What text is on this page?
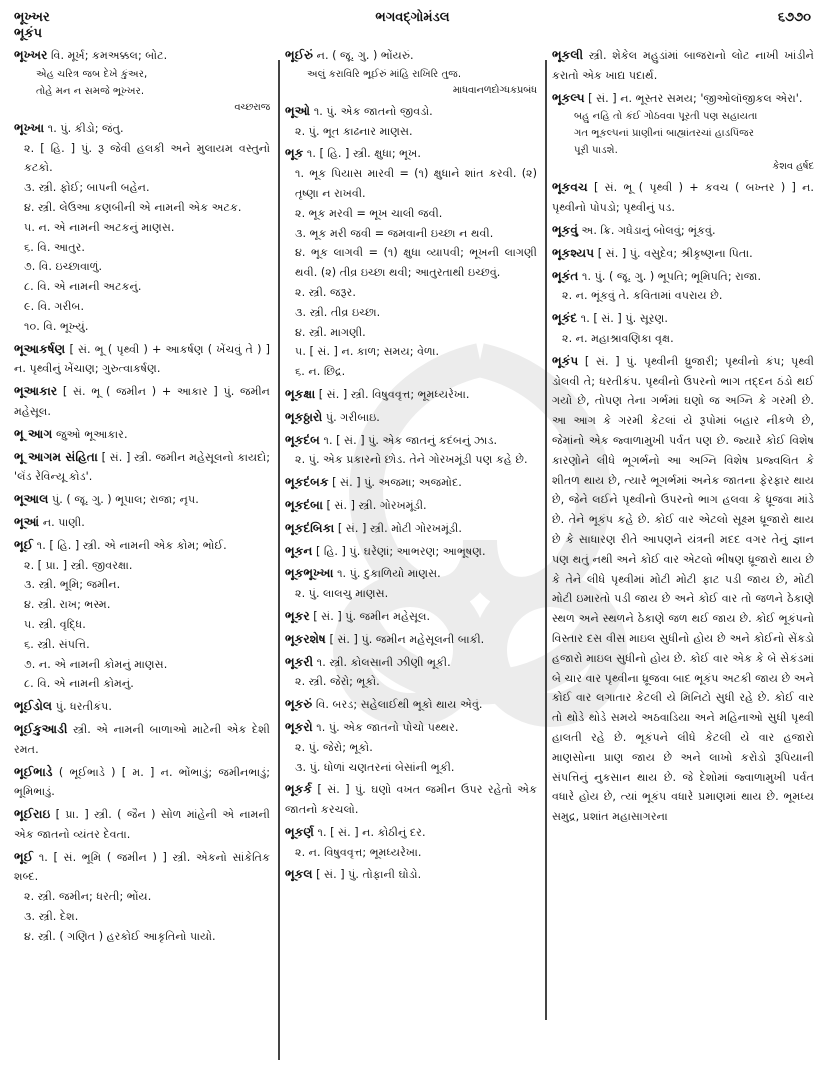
ભૂખ્ખર
ભૂકંપ
ભગવદ્ગોમંડલ	૬૭૭૦
ભૂખ્ખર વિ. મૂર્ખ; કમઅક્કલ; બોટ.
એહ ચરિત્ર જબ દેખે કુંઅર,
તોહે મન ન સમજે ભૂખ્ખર.
વચ્છરાજ
ભૂખ્ખા ૧. પું. કીડો; જંતુ.
૨. [ હિ. ] પું. રૂ જેવી હલકી અને મુલાયમ વસ્તુનો કટકો.
૩. સ્ત્રી. ફોઈ; બાપની બહેન.
૪. સ્ત્રી. લેઉઆ કણબીની એ નામની એક અટક.
૫. ન. એ નામની અટકનું માણસ.
૬. વિ. આતુર.
૭. વિ. ઇચ્છાવાળું.
૮. વિ. એ નામની અટકનું.
૯. વિ. ગરીબ.
૧૦. વિ. ભૂખ્યું.
ભૂઆકર્ષણ [ સં. ભૂ ( પૃથ્વી ) + આકર્ષણ ( ખેંચવું તે ) ] ન. પૃથ્વીનું ખેંચાણ; ગુરુત્વાકર્ષણ.
ભૂઆકાર [ સં. ભૂ ( જમીન ) + આકાર ] પું. જમીન મહેસૂલ.
ભૂ આગ જુઓ ભૂઆકાર.
ભૂ આગમ સંહિતા [ સં. ] સ્ત્રી. જમીન મહેસૂલનો કાયદો; 'લૅંડ રેવિન્યૂ કોડ'.
ભૂઆલ પું. ( જૂ. ગુ. ) ભૂપાલ; રાજા; નૃપ.
ભૂઆં ન. પાણી.
ભૂઈ ૧. [ હિ. ] સ્ત્રી. એ નામની એક કોમ; ભોઈ.
૨. [ પ્રા. ] સ્ત્રી. જીવરક્ષા.
૩. સ્ત્રી. ભૂમિ; જમીન.
૪. સ્ત્રી. રાખ; ભસ્મ.
૫. સ્ત્રી. વૃદ્ધિ.
૬. સ્ત્રી. સંપત્તિ.
૭. ન. એ નામની કોમનું માણસ.
૮. વિ. એ નામની કોમનું.
ભૂઈડોલ પું. ધરતીકંપ.
ભૂઈકુઆડી સ્ત્રી. એ નામની બાળાઓ માટેની એક દેશી રમત.
ભૂઈભાડે ( ભૂઈભાડે ) [ મ. ] ન. ભોંભાડું; જમીનભાડું; ભૂમિભાડું.
ભૂઈરાઇ [ પ્રા. ] સ્ત્રી. ( જૈન ) સોળ માંહેની એ નામની એક જાતનો વ્યંતર દેવતા.
ભૂઈ ૧. [ સં. ભૂમિ ( જમીન ) ] સ્ત્રી. એકનો સાંકેતિક શબ્દ.
૨. સ્ત્રી. જમીન; ધરતી; ભોંય.
૩. સ્ત્રી. દેશ.
૪. સ્ત્રી. ( ગણિત ) હરકોઈ આકૃતિનો પાયો.
ભૂઈરું ન. ( જૂ. ગુ. ) ભોંયરું.
અલું કરાવિરિ ભૂઈરું માંહિ રાખિરિ તુજ.
માધવાનળદોગ્ધકપ્રબંધ
ભૂઓ ૧. પું. એક જાતનો જીવડો.
૨. પું. ભૂત કાઢનાર માણસ.
ભૂક ૧. [ હિ. ] સ્ત્રી. ક્ષુધા; ભૂખ.
૧. ભૂક પિયાસ મારવી = (૧) ક્ષુધાને શાંત કરવી. (૨) તૃષ્ણા ન રાખવી.
૨. ભૂક મરવી = ભૂખ ચાલી જવી.
૩. ભૂક મરી જવી = જમવાની ઇચ્છા ન થવી.
૪. ભૂક લાગવી = (૧) ક્ષુધા વ્યાપવી; ભૂખની લાગણી થવી. (૨) તીવ્ર ઇચ્છા થવી; આતુરતાથી ઇચ્છવું.
૨. સ્ત્રી. જરૂર.
૩. સ્ત્રી. તીવ્ર ઇચ્છા.
૪. સ્ત્રી. માગણી.
૫. [ સં. ] ન. કાળ; સમય; વેળા.
૬. ન. છિદ્ર.
ભૂકક્ષા [ સં. ] સ્ત્રી. વિષુવવૃત્ત; ભૂમધ્યરેખા.
ભૂકઠ્ઠારો પું. ગરીબાઇ.
ભૂકદંબ ૧. [ સં. ] પું. એક જાતનું કદંબનું ઝાડ.
૨. પું. એક પ્રકારનો છોડ. તેને ગોરખમૂંડી પણ કહે છે.
ભૂકદંબક [ સં. ] પું. અજમા; અજમોદ.
ભૂકદંબા [ સં. ] સ્ત્રી. ગોરખમૂંડી.
ભૂકદંબિકા [ સં. ] સ્ત્રી. મોટી ગોરખમૂંડી.
ભૂકન [ હિ. ] પું. ઘરેણાં; આભરણ; આભૂષણ.
ભૂકભૂખ્ખા ૧. પું. દુકાળિયો માણસ.
૨. પું. લાલચુ માણસ.
ભૂકર [ સં. ] પું. જમીન મહેસૂલ.
ભૂકરશેષ [ સં. ] પું. જમીન મહેસૂલની બાકી.
ભૂકરી ૧. સ્ત્રી. કોલસાની ઝીણી ભૂકી.
૨. સ્ત્રી. જેરો; ભૂકો.
ભૂકરું વિ. બરડ; સહેલાઈથી ભૂકો થાય એવું.
ભૂકરો ૧. પું. એક જાતનો પોચો પથ્થર.
૨. પું. જેરો; ભૂકો.
૩. પું. ધોળાં ચણતરનાં બેસાંની ભૂકી.
ભૂકર્ક [ સં. ] પું. ઘણો વખત જમીન ઉપર રહેતો એક જાતનો કરચલો.
ભૂકર્ણ ૧. [ સં. ] ન. કોઠીનું દર.
૨. ન. વિષુવવૃત્ત; ભૂમધ્યરેખા.
ભૂકલ [ સં. ] પું. તોફાની ઘોડો.
ભૂકલી સ્ત્રી. શેકેલ મહુડાંમાં બાજરાનો લોટ નાખી ખાંડીને કરાતો એક ખાદ્ય પદાર્થ.
ભૂકલ્પ [ સં. ] ન. ભૂસ્તર સમય; 'જીઓલૉજીકલ એરા'.
બહુ નહિ તો કંઈ ગોઠવવા પૂરતી પણ સહાયતા
ગત ભૂકલ્પનાં પ્રાણીનાં બાહ્યાંતરચાં હાડપિંજર
પૂરી પાડશે.
કેશવ હર્ષદ
ભૂકવચ [ સં. ભૂ ( પૃથ્વી ) + કવચ ( બખ્તર ) ] ન. પૃથ્વીનો પોપડો; પૃથ્વીનું પડ.
ભૂકવું અ. ક્રિ. ગધેડાનું બોલવું; ભૂંકવું.
ભૂકશ્યપ [ સં. ] પું. વસુદેવ; શ્રીકૃષ્ણના પિતા.
ભૂકંત ૧. પું. ( જૂ. ગુ. ) ભૂપતિ; ભૂમિપતિ; રાજા.
૨. ન. ભૂંકવું તે. કવિતામાં વપરાય છે.
ભૂકંદ ૧. [ સં. ] પું. સૂરણ.
૨. ન. મહાશ્રાવણિકા વૃક્ષ.
ભૂકંપ [ સં. ] પું. પૃથ્વીની ધ્રુજારી; પૃથ્વીનો કંપ; પૃથ્વી ડોલવી તે; ધરતીકંપ. પૃથ્વીનો ઉપરનો ભાગ તદ્દન ઠંડો થઈ ગયો છે, તોપણ તેના ગર્ભમાં ઘણો જ અગ્નિ કે ગરમી છે. આ આગ કે ગરમી કેટલાં યે રૂપોમાં બહાર નીકળે છે, જેમાંનો એક જ્વાળામુખી પર્વત પણ છે. જ્યારે કોઈ વિશેષ કારણોને લીધે ભૂગર્ભનો આ અગ્નિ વિશેષ પ્રજ્વલિત કે શીતળ થાય છે, ત્યારે ભૂગર્ભમાં અનેક જાતના ફેરફાર થાય છે, જેને લઈને પૃથ્વીનો ઉપરનો ભાગ હલવા કે ધ્રૂજવા માંડે છે. તેને ભૂકંપ કહે છે. કોઈ વાર એટલો સૂક્ષ્મ ધ્રૂજારો થાય છે કે સાધારણ રીતે આપણને યંત્રની મદદ વગર તેનું જ્ઞાન પણ થતું નથી અને કોઈ વાર એટલો ભીષણ ધ્રૂજારો થાય છે કે તેને લીધે પૃથ્વીમાં મોટી મોટી ફાટ પડી જાય છે, મોટી મોટી ઇમારતો પડી જાય છે અને કોઈ વાર તો જળને ઠેકાણે સ્થળ અને સ્થળને ઠેકાણે જળ થઈ જાય છે. કોઈ ભૂકંપનો વિસ્તાર દસ વીસ માઇલ સુધીનો હોય છે અને કોઈનો સેંકડો હજારો માઇલ સુધીનો હોય છે. કોઈ વાર એક કે બે સેકંડમાં બે ચાર વાર પૃથ્વીના ધ્રૂજવા બાદ ભૂકંપ અટકી જાય છે અને કોઈ વાર લગાતાર કેટલી યે મિનિટો સુધી રહે છે. કોઈ વાર તો થોડે થોડે સમયે અઠવાડિયા અને મહિનાઓ સુધી પૃથ્વી હાલતી રહે છે. ભૂકંપને લીધે કેટલી યે વાર હજારો માણસોના પ્રાણ જાય છે અને લાખો કરોડો રૂપિયાની સંપત્તિનું નુકસાન થાય છે. જે દેશોમાં જ્વાળામુખી પર્વત વધારે હોય છે, ત્યાં ભૂકંપ વધારે પ્રમાણમાં થાય છે. ભૂમધ્ય સમુદ્ર, પ્રશાંત મહાસાગરના
